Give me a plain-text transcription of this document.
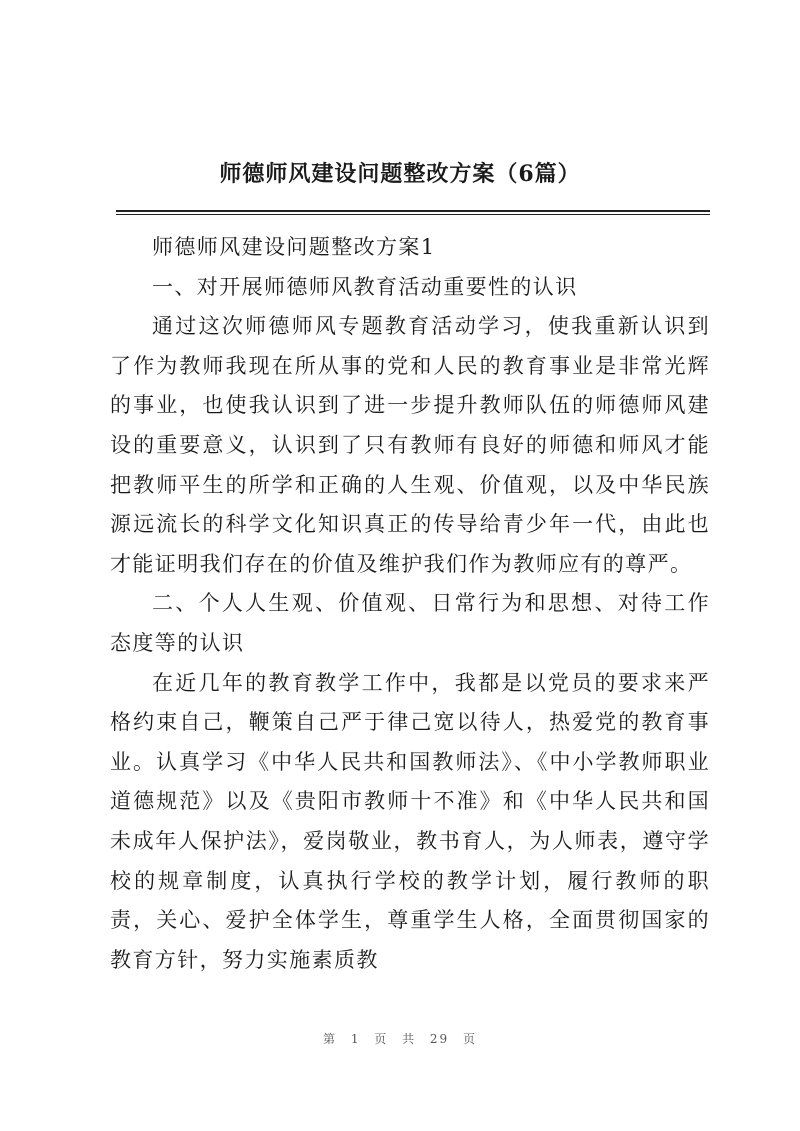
师德师风建设问题整改方案（6篇）

师德师风建设问题整改方案1

一、对开展师德师风教育活动重要性的认识

通过这次师德师风专题教育活动学习，使我重新认识到了作为教师我现在所从事的党和人民的教育事业是非常光辉的事业，也使我认识到了进一步提升教师队伍的师德师风建设的重要意义，认识到了只有教师有良好的师德和师风才能把教师平生的所学和正确的人生观、价值观，以及中华民族源远流长的科学文化知识真正的传导给青少年一代，由此也才能证明我们存在的价值及维护我们作为教师应有的尊严。

二、个人人生观、价值观、日常行为和思想、对待工作态度等的认识

在近几年的教育教学工作中，我都是以党员的要求来严格约束自己，鞭策自己严于律己宽以待人，热爱党的教育事业。认真学习《中华人民共和国教师法》、《中小学教师职业道德规范》以及《贵阳市教师十不准》和《中华人民共和国未成年人保护法》，爱岗敬业，教书育人，为人师表，遵守学校的规章制度，认真执行学校的教学计划，履行教师的职责，关心、爱护全体学生，尊重学生人格，全面贯彻国家的教育方针，努力实施素质教

第 1 页 共 29 页
